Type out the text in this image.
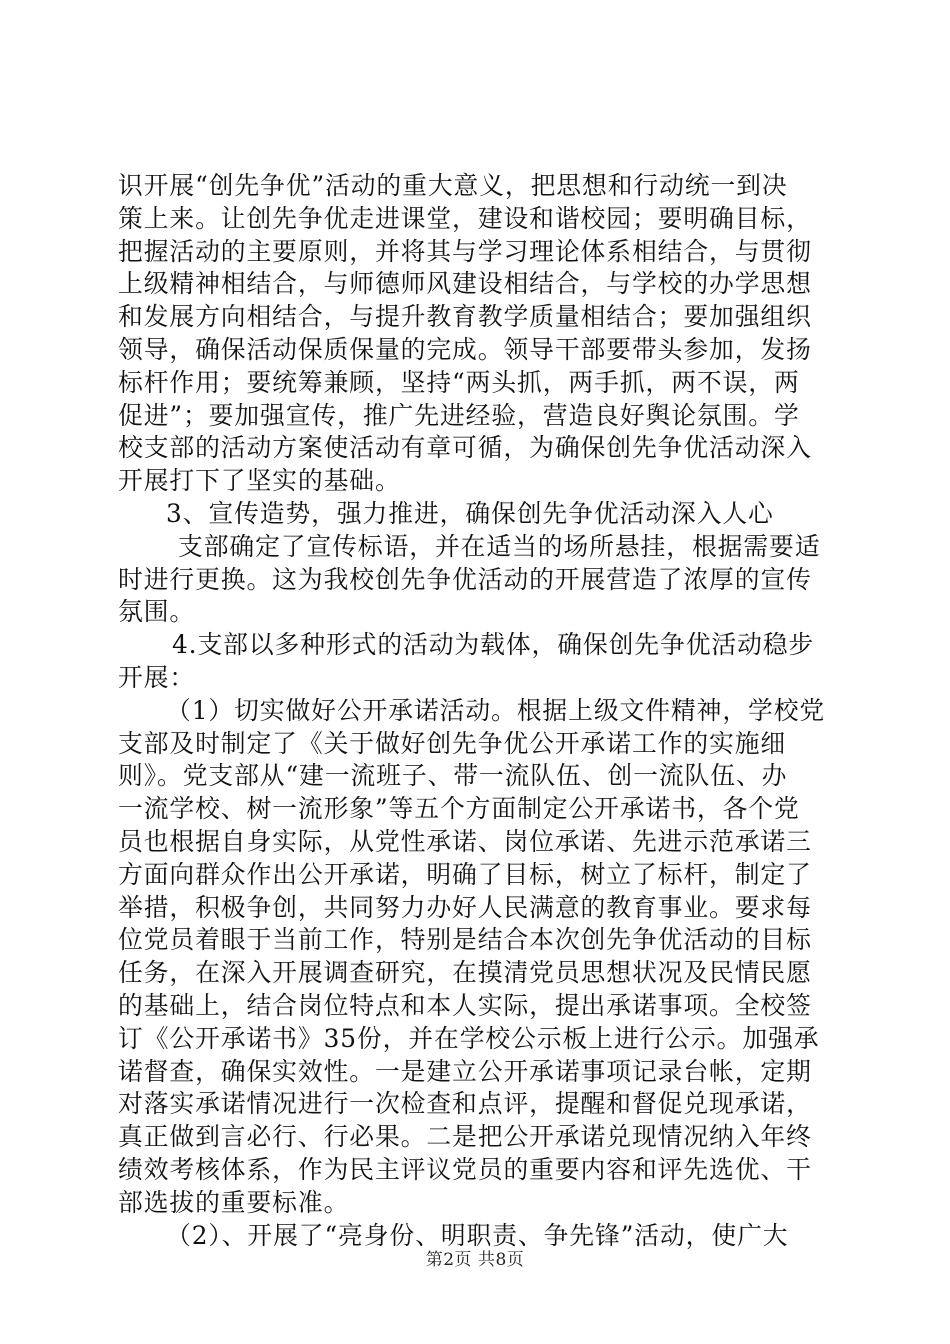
识开展“创先争优”活动的重大意义，把思想和行动统一到决
策上来。让创先争优走进课堂，建设和谐校园；要明确目标，
把握活动的主要原则，并将其与学习理论体系相结合，与贯彻
上级精神相结合，与师德师风建设相结合，与学校的办学思想
和发展方向相结合，与提升教育教学质量相结合；要加强组织
领导，确保活动保质保量的完成。领导干部要带头参加，发扬
标杆作用；要统筹兼顾，坚持“两头抓，两手抓，两不误，两
促进”；要加强宣传，推广先进经验，营造良好舆论氛围。学
校支部的活动方案使活动有章可循，为确保创先争优活动深入
开展打下了坚实的基础。
3、宣传造势，强力推进，确保创先争优活动深入人心
支部确定了宣传标语，并在适当的场所悬挂，根据需要适
时进行更换。这为我校创先争优活动的开展营造了浓厚的宣传
氛围。
4.支部以多种形式的活动为载体，确保创先争优活动稳步
开展：
（1）切实做好公开承诺活动。根据上级文件精神，学校党
支部及时制定了《关于做好创先争优公开承诺工作的实施细
则》。党支部从“建一流班子、带一流队伍、创一流队伍、办
一流学校、树一流形象”等五个方面制定公开承诺书，各个党
员也根据自身实际，从党性承诺、岗位承诺、先进示范承诺三
方面向群众作出公开承诺，明确了目标，树立了标杆，制定了
举措，积极争创，共同努力办好人民满意的教育事业。要求每
位党员着眼于当前工作，特别是结合本次创先争优活动的目标
任务，在深入开展调查研究，在摸清党员思想状况及民情民愿
的基础上，结合岗位特点和本人实际，提出承诺事项。全校签
订《公开承诺书》35份，并在学校公示板上进行公示。加强承
诺督查，确保实效性。一是建立公开承诺事项记录台帐，定期
对落实承诺情况进行一次检查和点评，提醒和督促兑现承诺，
真正做到言必行、行必果。二是把公开承诺兑现情况纳入年终
绩效考核体系，作为民主评议党员的重要内容和评先选优、干
部选拔的重要标准。
（2）、开展了“亮身份、明职责、争先锋”活动，使广大
第2页 共8页
